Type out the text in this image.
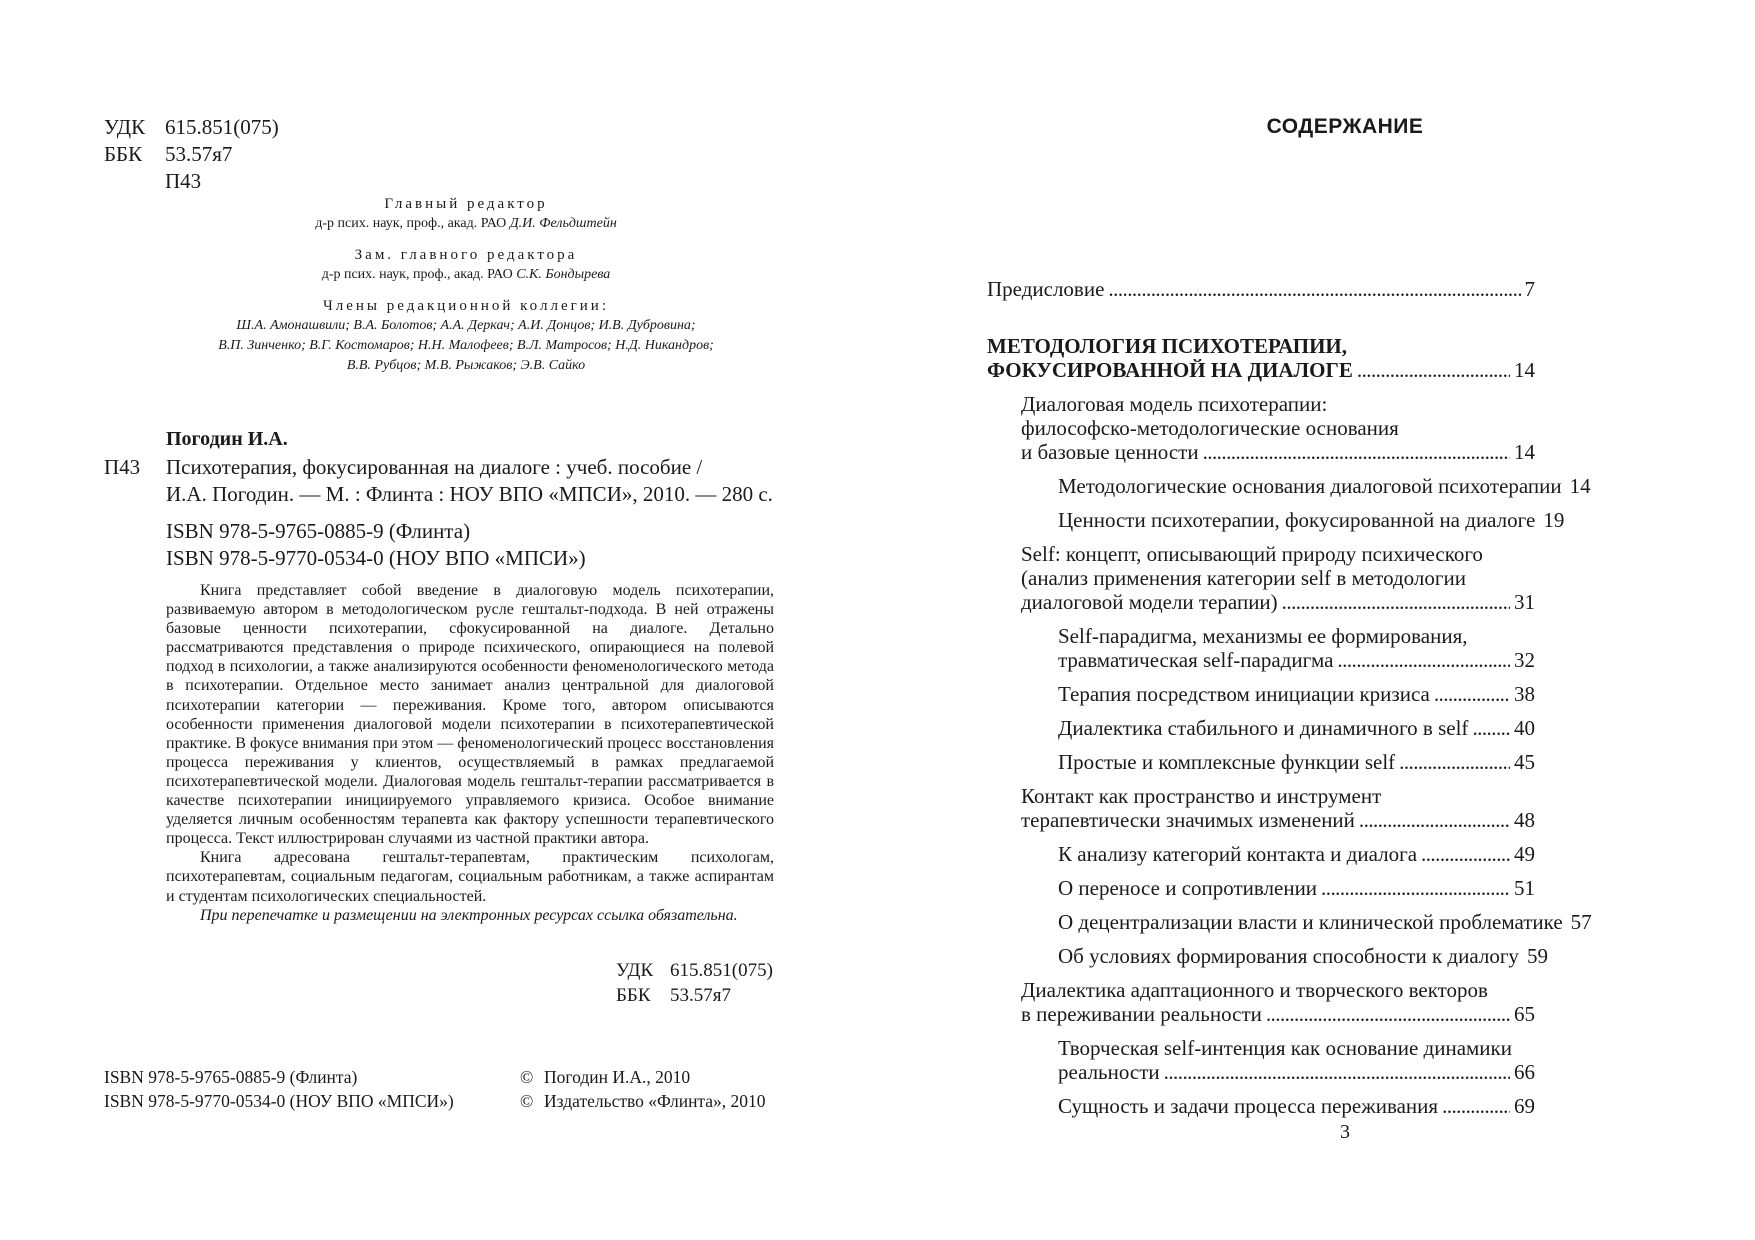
УДК 615.851(075)
ББК	53.57я7
П43
Главный редактор
д-р псих. наук, проф., акад. РАО Д.И. Фельдштейн
Зам. главного редактора
д-р псих. наук, проф., акад. РАО С.К. Бондырева
Члены редакционной коллегии:
Ш.А. Амонашвили; В.А. Болотов; А.А. Деркач; А.И. Донцов; И.В. Дубровина;
В.П. Зинченко; В.Г. Костомаров; Н.Н. Малофеев; В.Л. Матросов; Н.Д. Никандров;
В.В. Рубцов; М.В. Рыжаков; Э.В. Сайко
Погодин И.А.
П43 Психотерапия, фокусированная на диалоге : учеб. пособие /
И.А. Погодин. — М. : Флинта : НОУ ВПО «МПСИ», 2010. — 280 с.
ISBN 978-5-9765-0885-9 (Флинта)
ISBN 978-5-9770-0534-0 (НОУ ВПО «МПСИ»)

Книга представляет собой введение в диалоговую модель психотерапии, развиваемую автором в методологическом русле гештальт-подхода. В ней отражены базовые ценности психотерапии, сфокусированной на диалоге. Детально рассматриваются представления о природе психического, опирающиеся на полевой подход в психологии, а также анализируются особенности феноменологического метода в психотерапии. Отдельное место занимает анализ центральной для диалоговой психотерапии категории — переживания. Кроме того, автором описываются особенности применения диалоговой модели психотерапии в психотерапевтической практике. В фокусе внимания при этом — феноменологический процесс восстановления процесса переживания у клиентов, осуществляемый в рамках предлагаемой психотерапевтической модели. Диалоговая модель гештальт-терапии рассматривается в качестве психотерапии инициируемого управляемого кризиса. Особое внимание уделяется личным особенностям терапевта как фактору успешности терапевтического процесса. Текст иллюстрирован случаями из частной практики автора.

Книга адресована гештальт-терапевтам, практическим психологам, психотерапевтам, социальным педагогам, социальным работникам, а также аспирантам и студентам психологических специальностей.

При перепечатке и размещении на электронных ресурсах ссылка обязательна.

УДК 615.851(075)
ББК	53.57я7
ISBN 978-5-9765-0885-9 (Флинта)	© Погодин И.А., 2010
ISBN 978-5-9770-0534-0 (НОУ ВПО «МПСИ»)	© Издательство «Флинта», 2010
СОДЕРЖАНИЕ
Предисловие . . .	7
МЕТОДОЛОГИЯ ПСИХОТЕРАПИИ,
ФОКУСИРОВАННОЙ НА ДИАЛОГЕ . . .	14
Диалоговая модель психотерапии:
философско-методологические основания
и базовые ценности . . .	14
Методологические основания диалоговой психотерапии 14
Ценности психотерапии, фокусированной на диалоге 19
Self: концепт, описывающий природу психического
(анализ применения категории self в методологии
диалоговой модели терапии) . . .	31
Self-парадигма, механизмы ее формирования,
травматическая self-парадигма . . .	32
Терапия посредством инициации кризиса . . .	38
Диалектика стабильного и динамичного в self . . . 40
Простые и комплексные функции self . . .	45
Контакт как пространство и инструмент
терапевтически значимых изменений . . .	48
К анализу категорий контакта и диалога . . .	49
О переносе и сопротивлении . . .	51
О децентрализации власти и клинической проблематике 57
Об условиях формирования способности к диалогу 59
Диалектика адаптационного и творческого векторов
в переживании реальности . . .	65
Творческая self-интенция как основание динамики
реальности . . .	66
Сущность и задачи процесса переживания . . .	69
3
